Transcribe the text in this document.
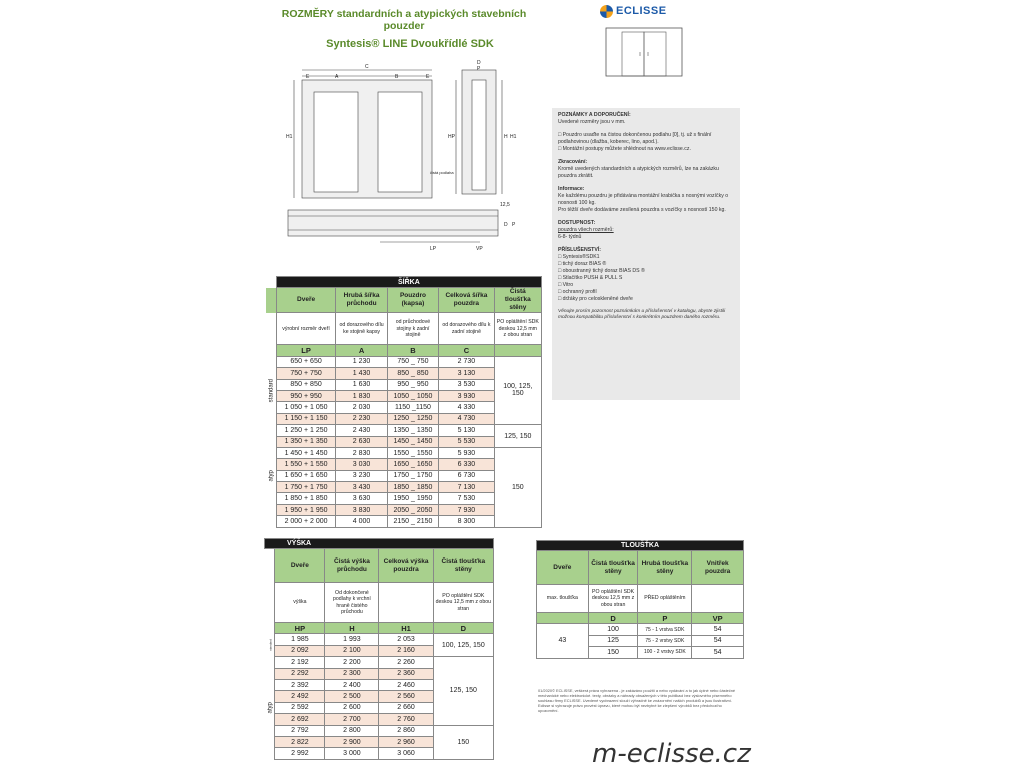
ROZMĚRY standardních a atypických stavebních pouzder
Syntesis® LINE Dvoukřídlé SDK
ECLISSE
C
A	B
E	E
H1	HP	H H1
D
P
čistá podlaha
12,5
D
LP	VP
P
POZNÁMKY A DOPORUČENÍ:
Uvedené rozměry jsou v mm.
□ Pouzdro usaďte na čistou dokončenou podlahu [0], tj. už s finální podlahovinou (dlažba, koberec, lino, apod.).
□ Montážní postupy můžete shlédnout na www.eclisse.cz.
Zkracování:
Kromě uvedených standardních a atypických rozměrů, lze na zakázku pouzdra zkrátit.
Informace:
Ke každému pouzdru je přidávána montážní krabička s nosnými vozíčky o nosnosti 100 kg.
Pro těžší dveře dodáváme zesílená pouzdra s vozíčky s nosností 150 kg.
DOSTUPNOST:
pouzdra všech rozměrů:
6-8- týdnů
PŘÍSLUŠENSTVÍ:
□ Syntesis®SDK1
□ tichý doraz BIAS ®
□ oboustranný tichý doraz BIAS DS ®
□ Stlačítko PUSH & PULL S
□ Vitro
□ ochranný profil
□ držáky pro celoskleněné dveře
Věnujte prosím pozornost poznámkám u příslušenství v katalogu, abyste zjistili možnou kompatibilitu příslušenství s konkrétním pouzdrem daného rozměru.
	ŠÍŘKA				
	Dveře	Hrubá šířka průchodu	Pouzdro (kapsa)	Celková šířka pouzdra	Čistá tloušťka stěny
	výrobní rozměr dveří	od dorazového dílu ke stojině kapsy	od průchodové stojiny k zadní stojině	od dorazového dílu k zadní stojině	PO opláštění SDK deskou 12,5 mm z obou stran
	LP	A	B	C	
standard	650 + 650	1 230	750 _ 750	2 730	100, 125, 150
	750 + 750	1 430	850 _ 850	3 130	
	850 + 850	1 630	950 _ 950	3 530	
	950 + 950	1 830	1050 _ 1050	3 930	
	1 050 + 1 050	2 030	1150 _1150	4 330	
	1 150 + 1 150	2 230	1250 _ 1250	4 730	
atyp	1 250 + 1 250	2 430	1350 _ 1350	5 130	125, 150
	1 350 + 1 350	2 630	1450 _ 1450	5 530	
	1 450 + 1 450	2 830	1550 _ 1550	5 930	150
	1 550 + 1 550	3 030	1650 _ 1650	6 330	
	1 650 + 1 650	3 230	1750 _ 1750	6 730	
	1 750 + 1 750	3 430	1850 _ 1850	7 130	
	1 850 + 1 850	3 630	1950 _ 1950	7 530	
	1 950 + 1 950	3 830	2050 _ 2050	7 930	
	2 000 + 2 000	4 000	2150 _ 2150	8 300	
VÝŠKA				
	Dveře	Čistá výška průchodu	Celková výška pouzdra	Čistá tloušťka stěny
	výška	Od dokončené podlahy k vrchní hraně čistého průchodu		PO opláštění SDK deskou 12,5 mm z obou stran
	HP	H	H1	D
standard	1 985	1 993	2 053	100, 125, 150
	2 092	2 100	2 160	
atyp	2 192	2 200	2 260	125, 150
	2 292	2 300	2 360	
	2 392	2 400	2 460	
	2 492	2 500	2 560	
	2 592	2 600	2 660	
	2 692	2 700	2 760	
	2 792	2 800	2 860	150
	2 822	2 900	2 960	
	2 992	3 000	3 060	
TLOUŠŤKA			
Dveře	Čistá tloušťka stěny	Hrubá tloušťka stěny	Vnitřek pouzdra
max. tloušťka	PO opláštění SDK deskou 12,5 mm z obou stran	PŘED opláštěním	
	D	P	VP
43	100	75 - 1 vrstva SDK	54
	125	75 - 2 vrstvy SDK	54
	150	100 - 2 vrstvy SDK	54
01/2020© ECLISSE, veškerá práva vyhrazena - je zakázáno použití a nebo vydávání a to jak úplné nebo částečné mechanické nebo elektronické. texty, obrázky a náhrady obsažených v této publikaci bez výslovného písemného souhlasu firmy ECLISSE. Uvedené vyobrazení slouží výhradně ke znázornění našich produktů a jsou ilustrativní. Eclisse si vyhrazuje právo provést úpravu, které mohou být nezbytné ke zlepšení výrobků bez předchozího upozornění.
m-eclisse.cz
